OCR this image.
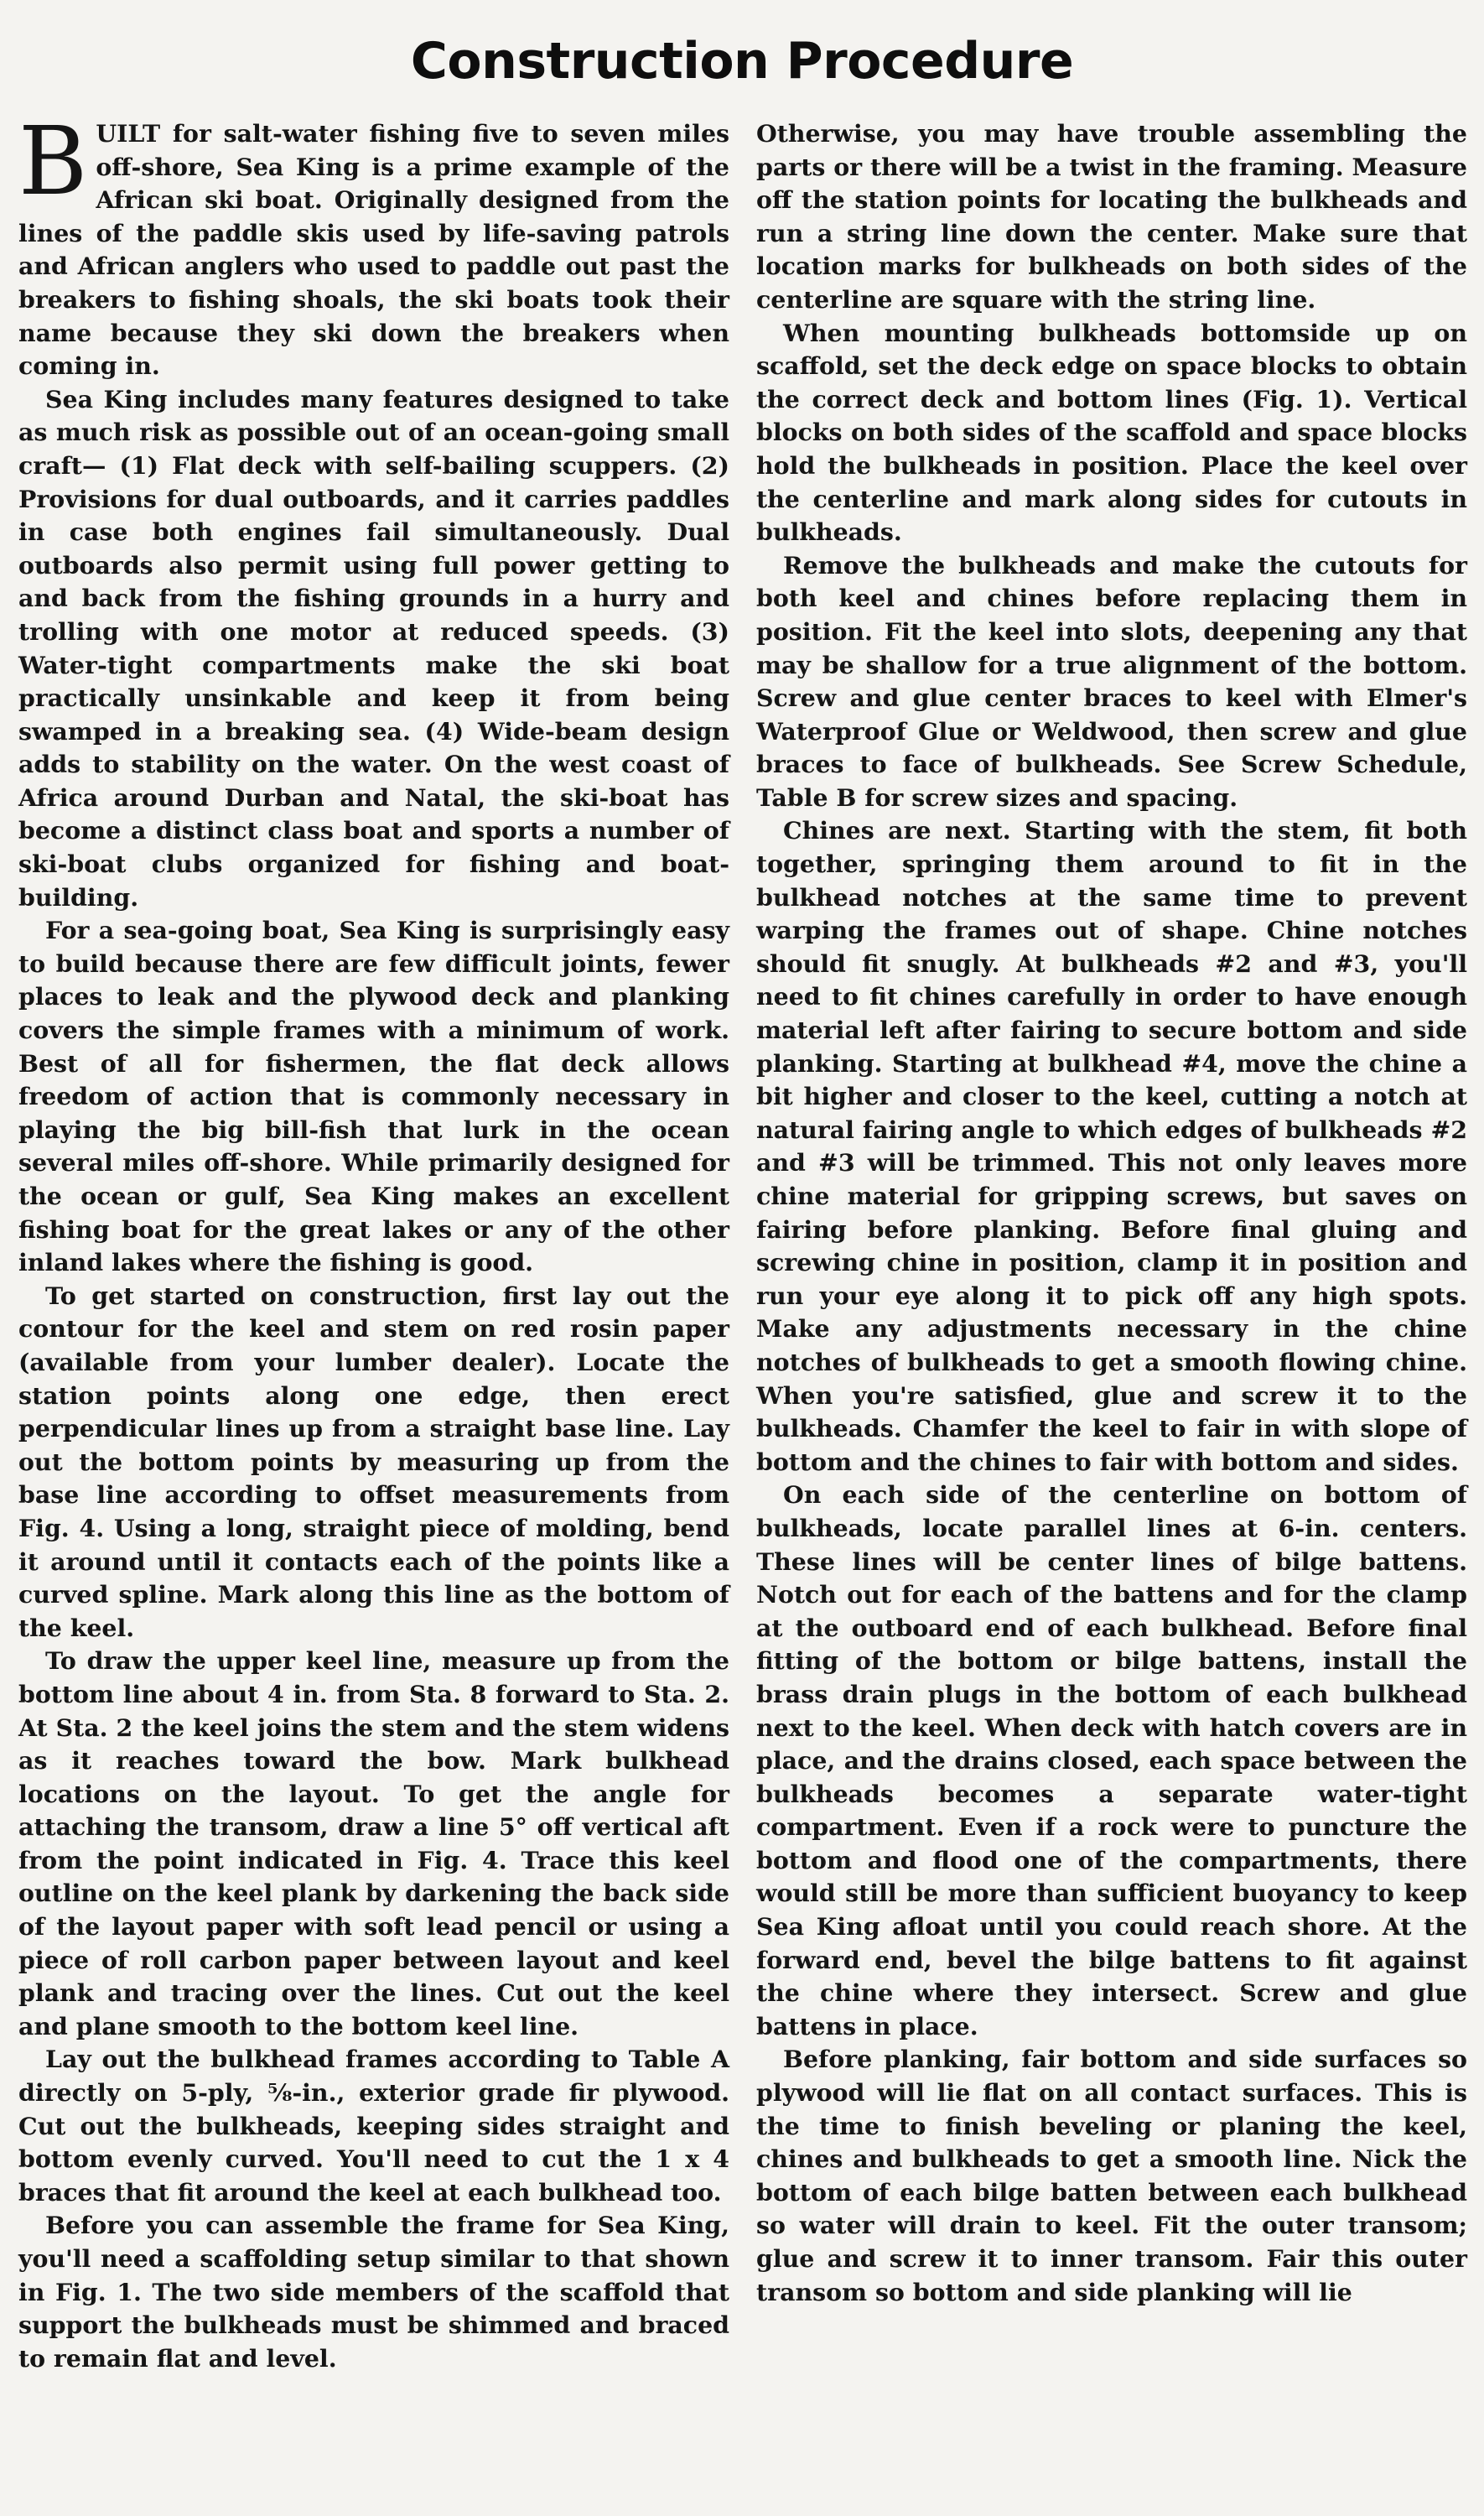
Construction Procedure

BUILT for salt-water fishing five to seven miles off-shore, Sea King is a prime example of the African ski boat. Originally designed from the lines of the paddle skis used by life-saving patrols and African anglers who used to paddle out past the breakers to fishing shoals, the ski boats took their name because they ski down the breakers when coming in.

Sea King includes many features designed to take as much risk as possible out of an ocean-going small craft— (1) Flat deck with self-bailing scuppers. (2) Provisions for dual outboards, and it carries paddles in case both engines fail simultaneously. Dual outboards also permit using full power getting to and back from the fishing grounds in a hurry and trolling with one motor at reduced speeds. (3) Water-tight compartments make the ski boat practically unsinkable and keep it from being swamped in a breaking sea. (4) Wide-beam design adds to stability on the water. On the west coast of Africa around Durban and Natal, the ski-boat has become a distinct class boat and sports a number of ski-boat clubs organized for fishing and boat-building.

For a sea-going boat, Sea King is surprisingly easy to build because there are few difficult joints, fewer places to leak and the plywood deck and planking covers the simple frames with a minimum of work. Best of all for fishermen, the flat deck allows freedom of action that is commonly necessary in playing the big bill-fish that lurk in the ocean several miles off-shore. While primarily designed for the ocean or gulf, Sea King makes an excellent fishing boat for the great lakes or any of the other inland lakes where the fishing is good.

To get started on construction, first lay out the contour for the keel and stem on red rosin paper (available from your lumber dealer). Locate the station points along one edge, then erect perpendicular lines up from a straight base line. Lay out the bottom points by measuring up from the base line according to offset measurements from Fig. 4. Using a long, straight piece of molding, bend it around until it contacts each of the points like a curved spline. Mark along this line as the bottom of the keel.

To draw the upper keel line, measure up from the bottom line about 4 in. from Sta. 8 forward to Sta. 2. At Sta. 2 the keel joins the stem and the stem widens as it reaches toward the bow. Mark bulkhead locations on the layout. To get the angle for attaching the transom, draw a line 5° off vertical aft from the point indicated in Fig. 4. Trace this keel outline on the keel plank by darkening the back side of the layout paper with soft lead pencil or using a piece of roll carbon paper between layout and keel plank and tracing over the lines. Cut out the keel and plane smooth to the bottom keel line.

Lay out the bulkhead frames according to Table A directly on 5-ply, ⅝-in., exterior grade fir plywood. Cut out the bulkheads, keeping sides straight and bottom evenly curved. You'll need to cut the 1 x 4 braces that fit around the keel at each bulkhead too.

Before you can assemble the frame for Sea King, you'll need a scaffolding setup similar to that shown in Fig. 1. The two side members of the scaffold that support the bulkheads must be shimmed and braced to remain flat and level.

Otherwise, you may have trouble assembling the parts or there will be a twist in the framing. Measure off the station points for locating the bulkheads and run a string line down the center. Make sure that location marks for bulkheads on both sides of the centerline are square with the string line.

When mounting bulkheads bottomside up on scaffold, set the deck edge on space blocks to obtain the correct deck and bottom lines (Fig. 1). Vertical blocks on both sides of the scaffold and space blocks hold the bulkheads in position. Place the keel over the centerline and mark along sides for cutouts in bulkheads.

Remove the bulkheads and make the cutouts for both keel and chines before replacing them in position. Fit the keel into slots, deepening any that may be shallow for a true alignment of the bottom. Screw and glue center braces to keel with Elmer's Waterproof Glue or Weldwood, then screw and glue braces to face of bulkheads. See Screw Schedule, Table B for screw sizes and spacing.

Chines are next. Starting with the stem, fit both together, springing them around to fit in the bulkhead notches at the same time to prevent warping the frames out of shape. Chine notches should fit snugly. At bulkheads #2 and #3, you'll need to fit chines carefully in order to have enough material left after fairing to secure bottom and side planking. Starting at bulkhead #4, move the chine a bit higher and closer to the keel, cutting a notch at natural fairing angle to which edges of bulkheads #2 and #3 will be trimmed. This not only leaves more chine material for gripping screws, but saves on fairing before planking. Before final gluing and screwing chine in position, clamp it in position and run your eye along it to pick off any high spots. Make any adjustments necessary in the chine notches of bulkheads to get a smooth flowing chine. When you're satisfied, glue and screw it to the bulkheads. Chamfer the keel to fair in with slope of bottom and the chines to fair with bottom and sides.

On each side of the centerline on bottom of bulkheads, locate parallel lines at 6-in. centers. These lines will be center lines of bilge battens. Notch out for each of the battens and for the clamp at the outboard end of each bulkhead. Before final fitting of the bottom or bilge battens, install the brass drain plugs in the bottom of each bulkhead next to the keel. When deck with hatch covers are in place, and the drains closed, each space between the bulkheads becomes a separate water-tight compartment. Even if a rock were to puncture the bottom and flood one of the compartments, there would still be more than sufficient buoyancy to keep Sea King afloat until you could reach shore. At the forward end, bevel the bilge battens to fit against the chine where they intersect. Screw and glue battens in place.

Before planking, fair bottom and side surfaces so plywood will lie flat on all contact surfaces. This is the time to finish beveling or planing the keel, chines and bulkheads to get a smooth line. Nick the bottom of each bilge batten between each bulkhead so water will drain to keel. Fit the outer transom; glue and screw it to inner transom. Fair this outer transom so bottom and side planking will lie
